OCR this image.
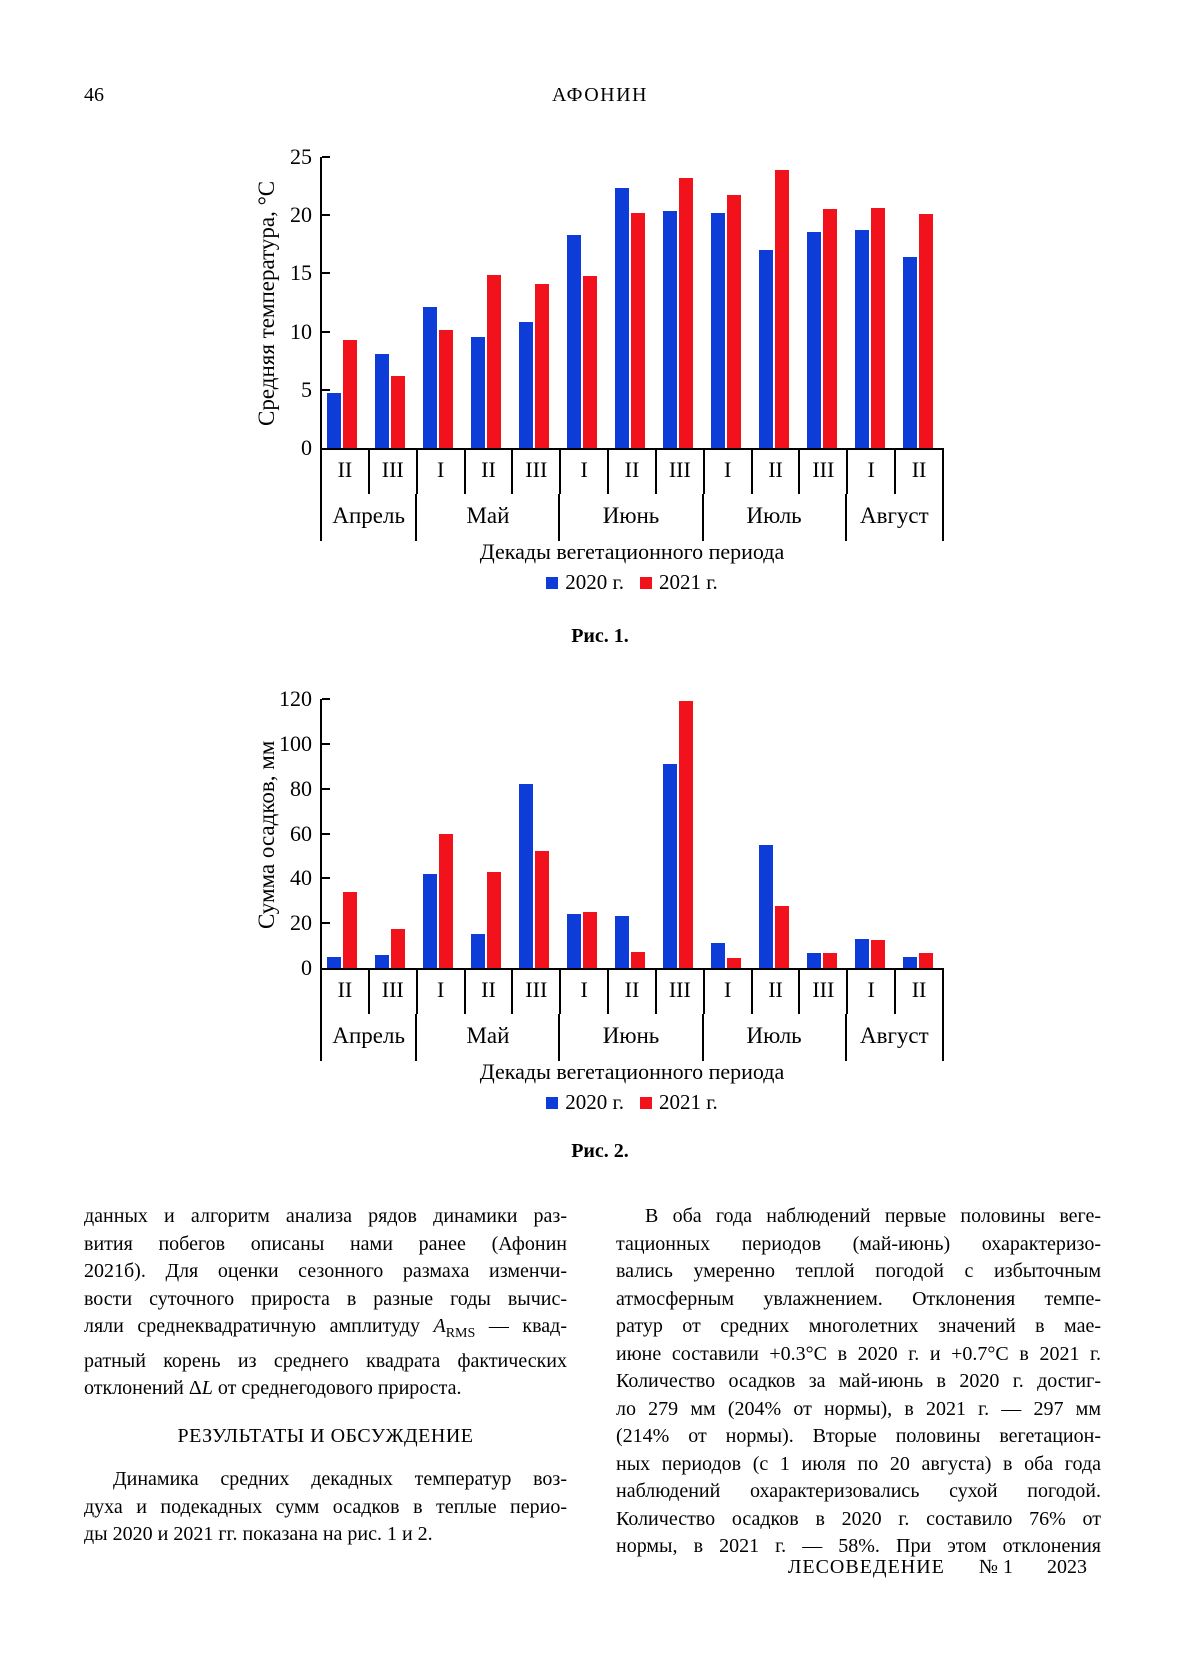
46	АФОНИН
Средняя температура, °C
0
5
10
15
20
25
II	III	I	II	III	I	II	III	I	II	III	I	II
Апрель	Май	Июнь	Июль	Август
Декады вегетационного периода
2020 г. 2021 г.
Сумма осадков, мм
0
20
40
60
80
100
120
II	III	I	II	III	I	II	III	I	II	III	I	II
Апрель	Май	Июнь	Июль	Август
Декады вегетационного периода
2020 г. 2021 г.
Рис. 1.
Рис. 2.
данных и алгоритм анализа рядов динамики раз-
вития побегов описаны нами ранее (Афонин
2021б). Для оценки сезонного размаха изменчи-
вости суточного прироста в разные годы вычис-
ляли среднеквадратичную амплитуду $A_{RMS}$ — квад-
ратный корень из среднего квадрата фактических
отклонений ΔL от среднегодового прироста.
РЕЗУЛЬТАТЫ И ОБСУЖДЕНИЕ
Динамика средних декадных температур воз-
духа и подекадных сумм осадков в теплые перио-
ды 2020 и 2021 гг. показана на рис. 1 и 2.
В оба года наблюдений первые половины веге-
тационных периодов (май-июнь) охарактеризо-
вались умеренно теплой погодой с избыточным
атмосферным увлажнением. Отклонения темпе-
ратур от средних многолетних значений в мае-
июне составили +0.3°C в 2020 г. и +0.7°C в 2021 г.
Количество осадков за май-июнь в 2020 г. достиг-
ло 279 мм (204% от нормы), в 2021 г. — 297 мм
(214% от нормы). Вторые половины вегетацион-
ных периодов (с 1 июля по 20 августа) в оба года
наблюдений охарактеризовались сухой погодой.
Количество осадков в 2020 г. составило 76% от
нормы, в 2021 г. — 58%. При этом отклонения
ЛЕСОВЕДЕНИЕ № 1 2023
